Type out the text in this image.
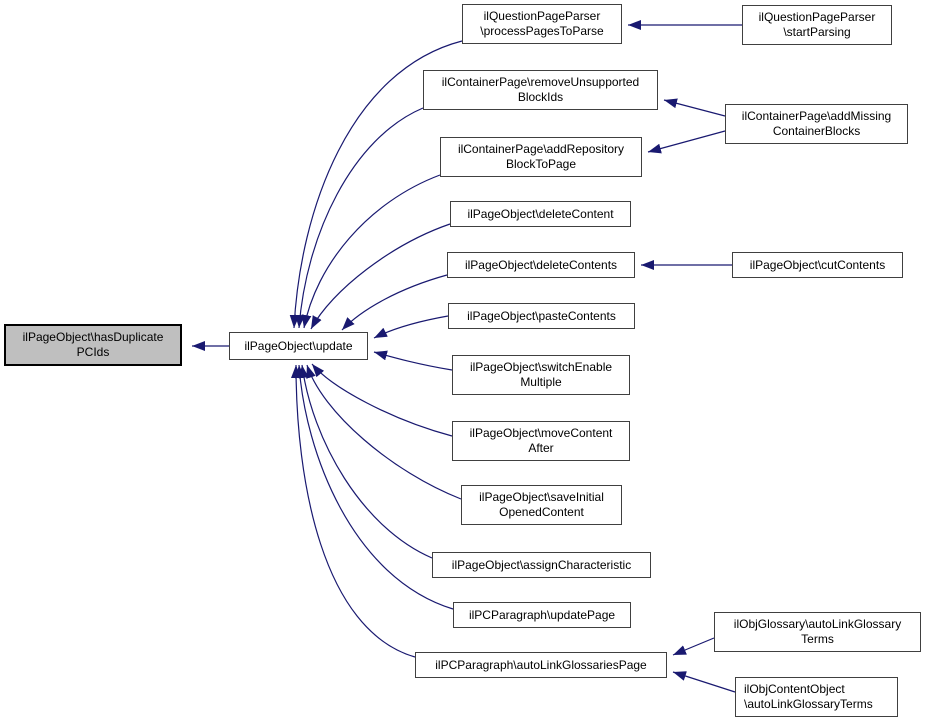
ilPageObject\hasDuplicate
PCIds	ilPageObject\update
ilQuestionPageParser
\processPagesToParse
ilQuestionPageParser
\startParsing
ilContainerPage\removeUnsupported
BlockIds
ilContainerPage\addRepository
BlockToPage
ilContainerPage\addMissing
ContainerBlocks
ilPageObject\deleteContent
ilPageObject\deleteContents	ilPageObject\cutContents
ilPageObject\pasteContents
ilPageObject\switchEnable
Multiple
ilPageObject\moveContent
After
ilPageObject\saveInitial
OpenedContent
ilPageObject\assignCharacteristic
ilPCParagraph\updatePage
ilPCParagraph\autoLinkGlossariesPage
ilObjGlossary\autoLinkGlossary
Terms
ilObjContentObject
\autoLinkGlossaryTerms
